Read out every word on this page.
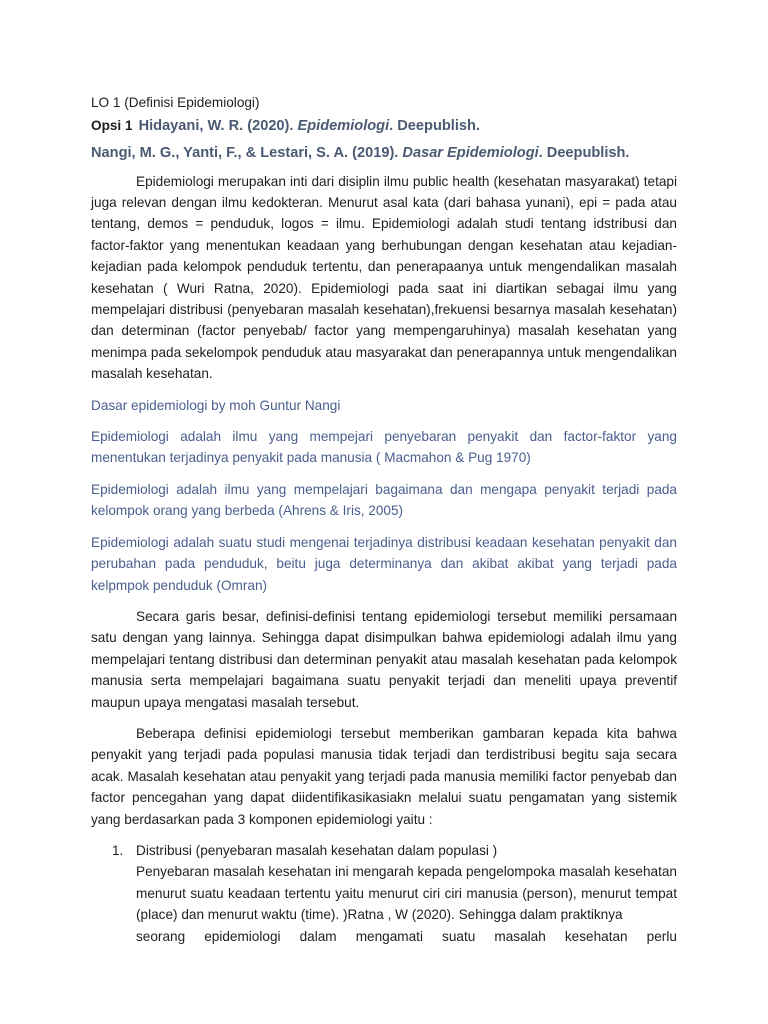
LO 1 (Definisi Epidemiologi)
Opsi 1 Hidayani, W. R. (2020). Epidemiologi. Deepublish.
Nangi, M. G., Yanti, F., & Lestari, S. A. (2019). Dasar Epidemiologi. Deepublish.

Epidemiologi merupakan inti dari disiplin ilmu public health (kesehatan masyarakat) tetapi juga relevan dengan ilmu kedokteran. Menurut asal kata (dari bahasa yunani), epi = pada atau tentang, demos = penduduk, logos = ilmu. Epidemiologi adalah studi tentang idstribusi dan factor-faktor yang menentukan keadaan yang berhubungan dengan kesehatan atau kejadian-kejadian pada kelompok penduduk tertentu, dan penerapaanya untuk mengendalikan masalah kesehatan ( Wuri Ratna, 2020). Epidemiologi pada saat ini diartikan sebagai ilmu yang mempelajari distribusi (penyebaran masalah kesehatan),frekuensi besarnya masalah kesehatan) dan determinan (factor penyebab/ factor yang mempengaruhinya) masalah kesehatan yang menimpa pada sekelompok penduduk atau masyarakat dan penerapannya untuk mengendalikan masalah kesehatan.

Dasar epidemiologi by moh Guntur Nangi

Epidemiologi adalah ilmu yang mempejari penyebaran penyakit dan factor-faktor yang menentukan terjadinya penyakit pada manusia ( Macmahon & Pug 1970)

Epidemiologi adalah ilmu yang mempelajari bagaimana dan mengapa penyakit terjadi pada kelompok orang yang berbeda (Ahrens & Iris, 2005)

Epidemiologi adalah suatu studi mengenai terjadinya distribusi keadaan kesehatan penyakit dan perubahan pada penduduk, beitu juga determinanya dan akibat akibat yang terjadi pada kelpmpok penduduk (Omran)

Secara garis besar, definisi-definisi tentang epidemiologi tersebut memiliki persamaan satu dengan yang lainnya. Sehingga dapat disimpulkan bahwa epidemiologi adalah ilmu yang mempelajari tentang distribusi dan determinan penyakit atau masalah kesehatan pada kelompok manusia serta mempelajari bagaimana suatu penyakit terjadi dan meneliti upaya preventif maupun upaya mengatasi masalah tersebut.

Beberapa definisi epidemiologi tersebut memberikan gambaran kepada kita bahwa penyakit yang terjadi pada populasi manusia tidak terjadi dan terdistribusi begitu saja secara acak. Masalah kesehatan atau penyakit yang terjadi pada manusia memiliki factor penyebab dan factor pencegahan yang dapat diidentifikasikasiakn melalui suatu pengamatan yang sistemik yang berdasarkan pada 3 komponen epidemiologi yaitu :

1. Distribusi (penyebaran masalah kesehatan dalam populasi )
Penyebaran masalah kesehatan ini mengarah kepada pengelompoka masalah kesehatan menurut suatu keadaan tertentu yaitu menurut ciri ciri manusia (person), menurut tempat (place) dan menurut waktu (time). )Ratna , W (2020). Sehingga dalam praktiknya
seorang epidemiologi dalam mengamati suatu masalah kesehatan perlu
